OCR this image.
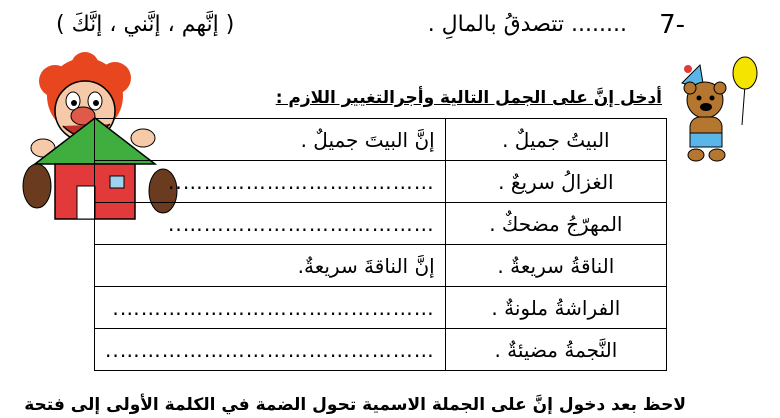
7-
........ تتصدقُ بالمالِ .
( إنَّهم ، إنَّني ، إنَّكَ )
أدخل إنَّ على الجمل التالية وأجرالتغيير اللازم :
البيتُ جميلٌ .	إنَّ البيتَ جميلٌ .
الغزالُ سريعٌ .	………………………………..
المهرّجُ مضحكٌ .	………………………………..
الناقةُ سريعةٌ .	إنَّ الناقةَ سريعةٌ.
الفراشةُ ملونةٌ .	……………………………………….
النَّجمةُ مضيئةٌ .	………………………………………..
لاحظ بعد دخول إنَّ على الجملة الاسمية تحول الضمة في الكلمة الأولى إلى فتحة
